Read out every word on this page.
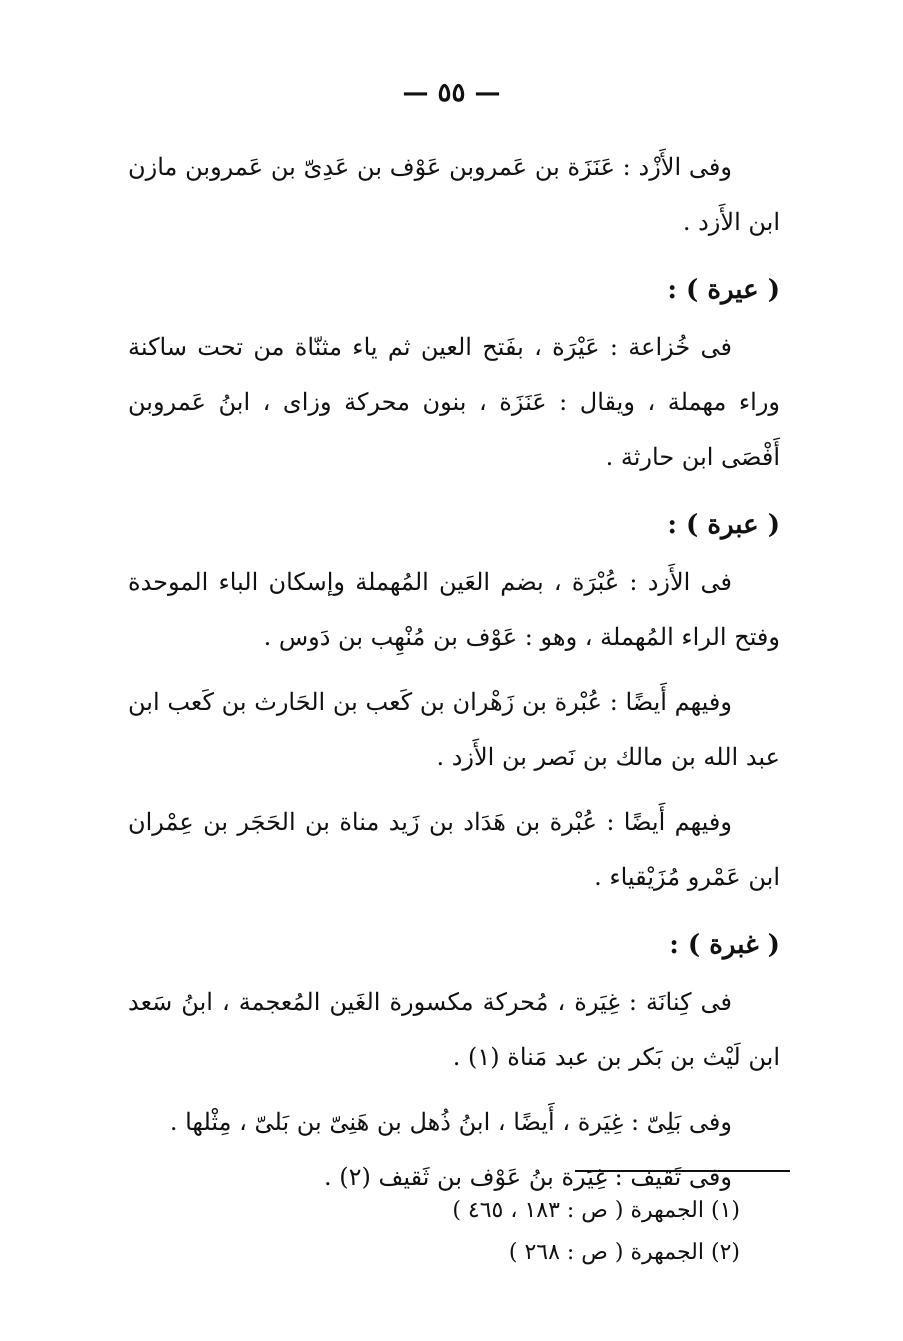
— ٥٥ —

وفى الأَزْد : عَنَزَة بن عَمروبن عَوْف بن عَدِىّ بن عَمروبن مازن ابن الأَزد .

( عيرة ) :

فى خُزاعة : عَيْرَة ، بفَتح العين ثم ياء مثنّاة من تحت ساكنة وراء مهملة ، ويقال : عَنَزَة ، بنون محركة وزاى ، ابنُ عَمروبن أَفْصَى ابن حارثة .

( عبرة ) :

فى الأَزد : عُبْرَة ، بضم العَين المُهملة وإسكان الباء الموحدة وفتح الراء المُهملة ، وهو : عَوْف بن مُنْهِب بن دَوس .

وفيهم أَيضًا : عُبْرة بن زَهْران بن كَعب بن الحَارث بن كَعب ابن عبد الله بن مالك بن نَصر بن الأَزد .

وفيهم أَيضًا : عُبْرة بن هَدَاد بن زَيد مناة بن الحَجَر بن عِمْران ابن عَمْرو مُزَيْقياء .

( غبرة ) :

فى كِنانَة : غِيَرة ، مُحركة مكسورة الغَين المُعجمة ، ابنُ سَعد ابن لَيْث بن بَكر بن عبد مَناة (١) .

وفى بَلِىّ : غِيَرة ، أَيضًا ، ابنُ ذُهل بن هَنِىّ بن بَلىّ ، مِثْلها .

وفى ثَقيف : غِيَرة بنُ عَوْف بن ثَقيف (٢) .

(١) الجمهرة ( ص : ١٨٣ ، ٤٦٥ )

(٢) الجمهرة ( ص : ٢٦٨ )
